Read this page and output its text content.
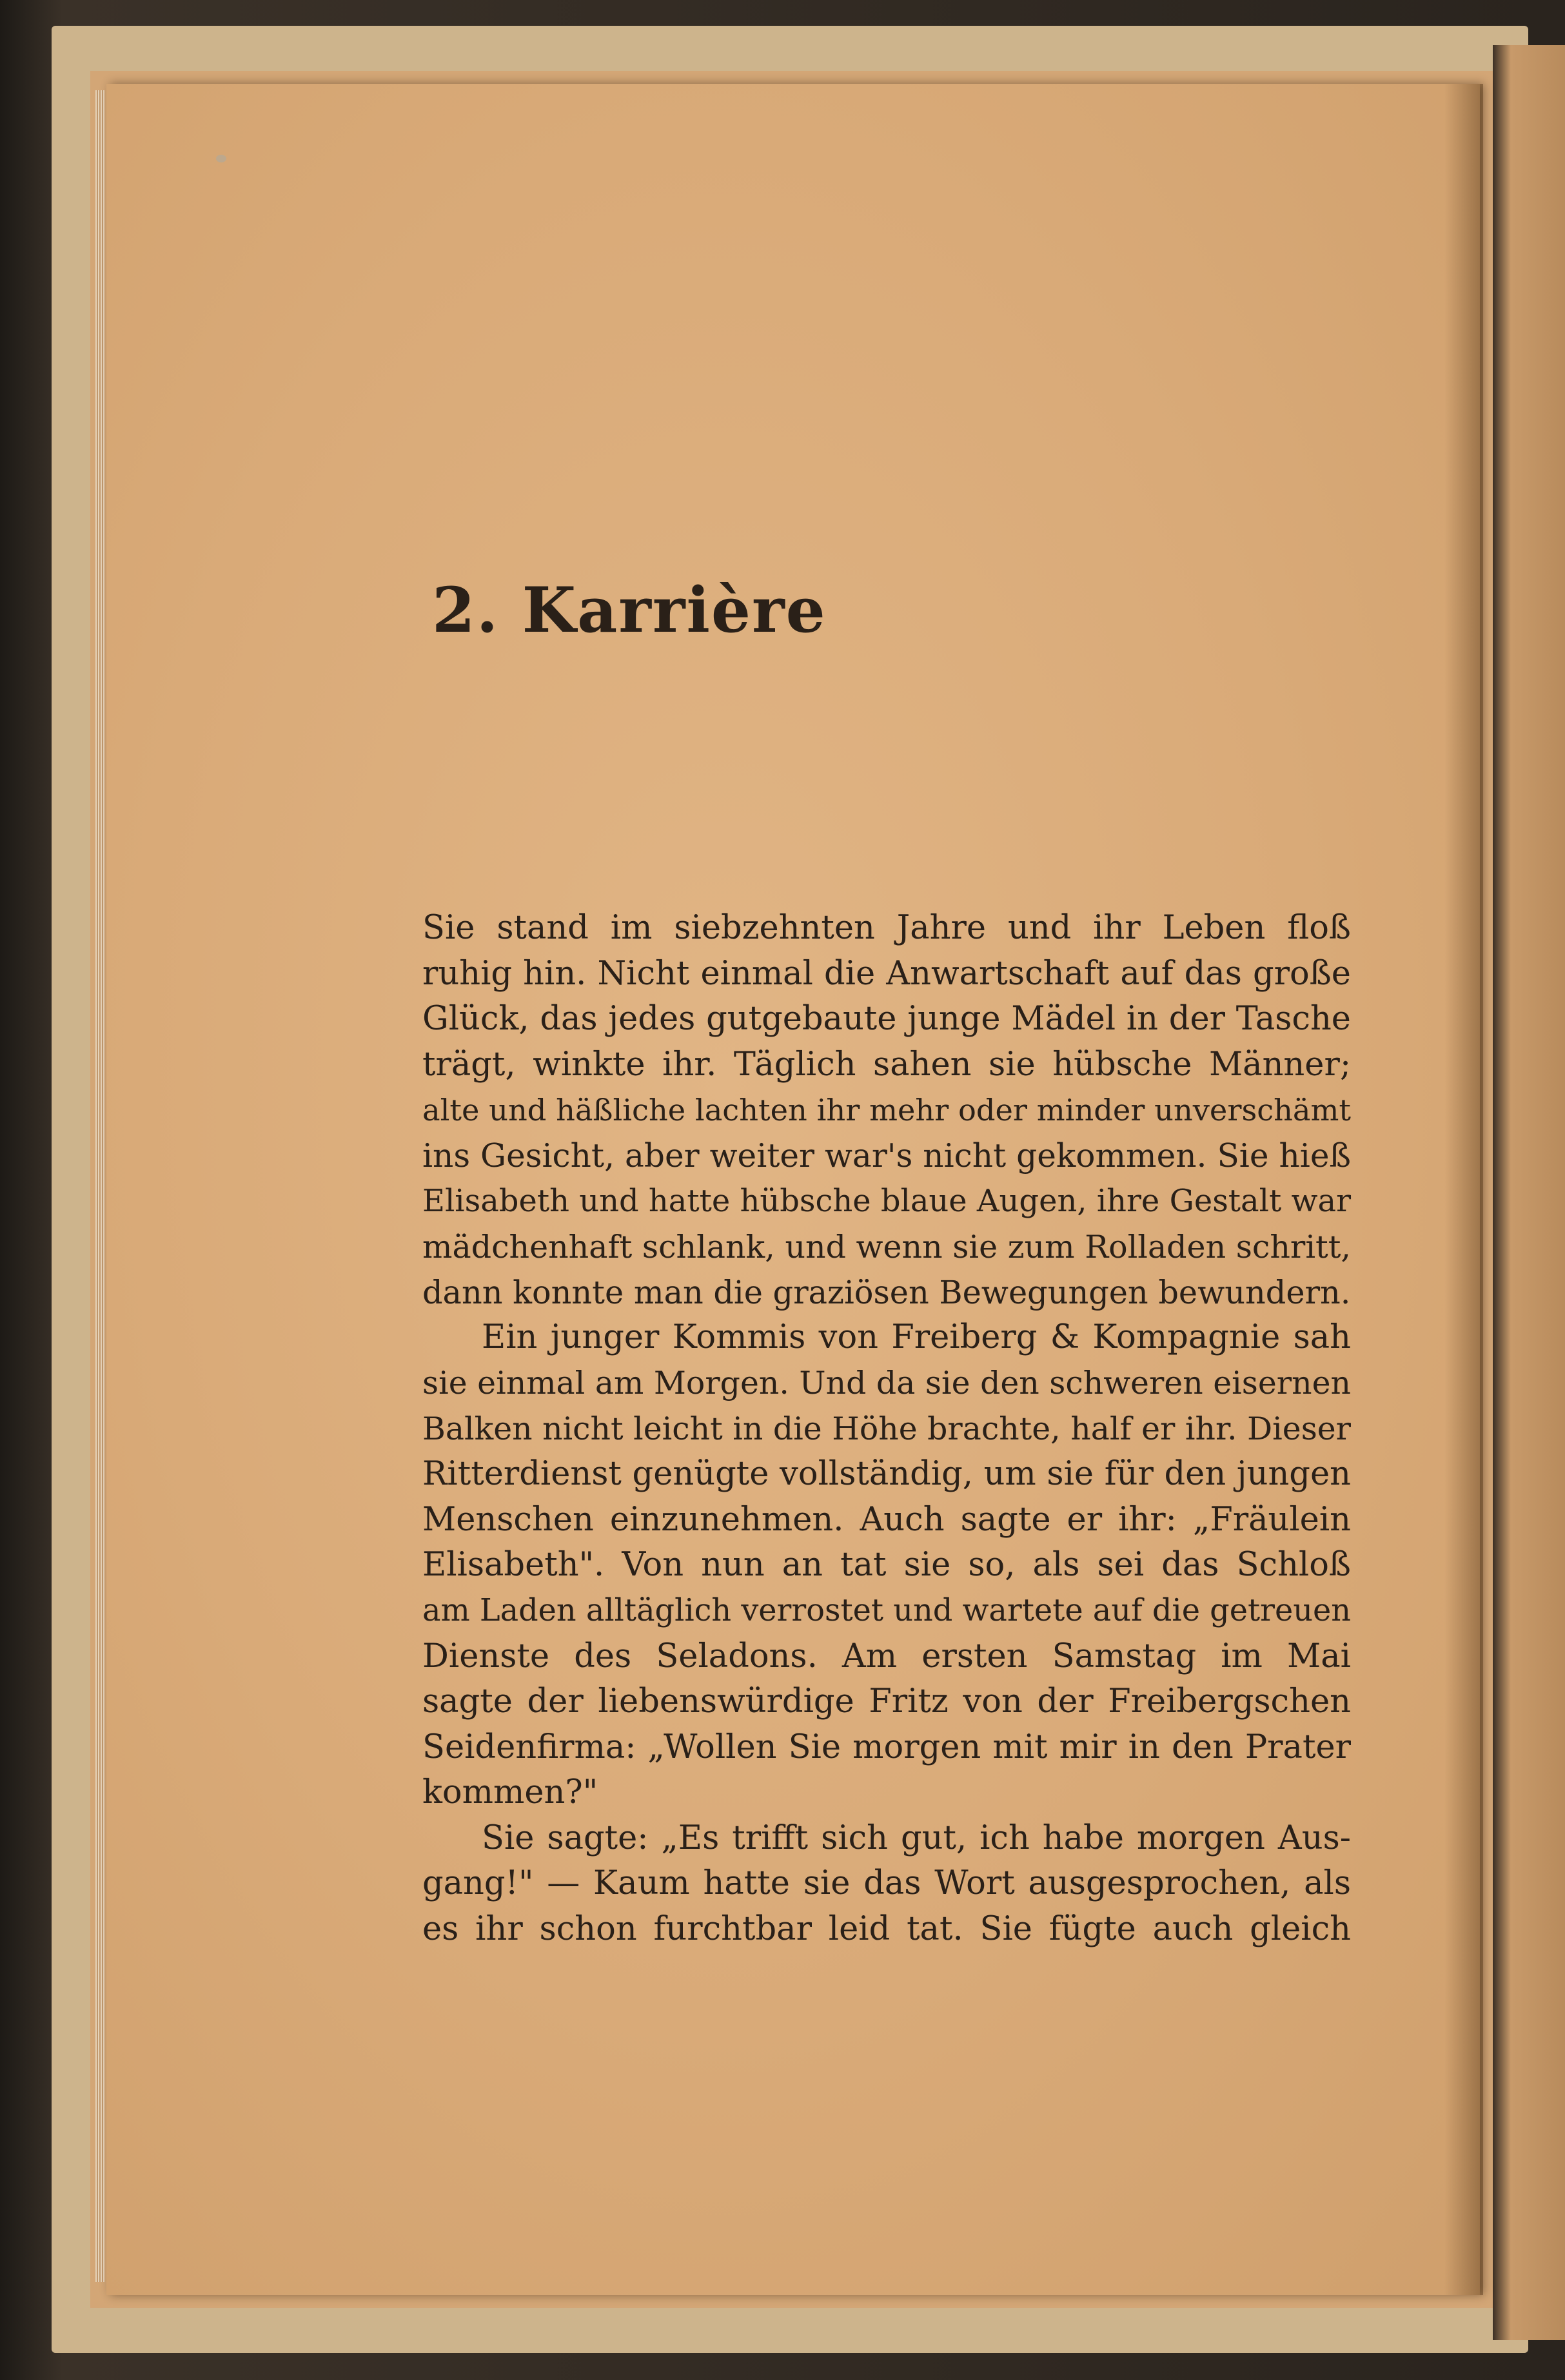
2. Karrière
Sie stand im siebzehnten Jahre und ihr Leben floß
ruhig hin. Nicht einmal die Anwartschaft auf das große
Glück, das jedes gutgebaute junge Mädel in der Tasche
trägt, winkte ihr. Täglich sahen sie hübsche Männer;
alte und häßliche lachten ihr mehr oder minder unverschämt
ins Gesicht, aber weiter war's nicht gekommen. Sie hieß
Elisabeth und hatte hübsche blaue Augen, ihre Gestalt war
mädchenhaft schlank, und wenn sie zum Rolladen schritt,
dann konnte man die graziösen Bewegungen bewundern.
Ein junger Kommis von Freiberg & Kompagnie sah
sie einmal am Morgen. Und da sie den schweren eisernen
Balken nicht leicht in die Höhe brachte, half er ihr. Dieser
Ritterdienst genügte vollständig, um sie für den jungen
Menschen einzunehmen. Auch sagte er ihr: „Fräulein
Elisabeth". Von nun an tat sie so, als sei das Schloß
am Laden alltäglich verrostet und wartete auf die getreuen
Dienste des Seladons. Am ersten Samstag im Mai
sagte der liebenswürdige Fritz von der Freibergschen
Seidenfirma: „Wollen Sie morgen mit mir in den Prater
kommen?"
Sie sagte: „Es trifft sich gut, ich habe morgen Aus-
gang!" — Kaum hatte sie das Wort ausgesprochen, als
es ihr schon furchtbar leid tat. Sie fügte auch gleich
